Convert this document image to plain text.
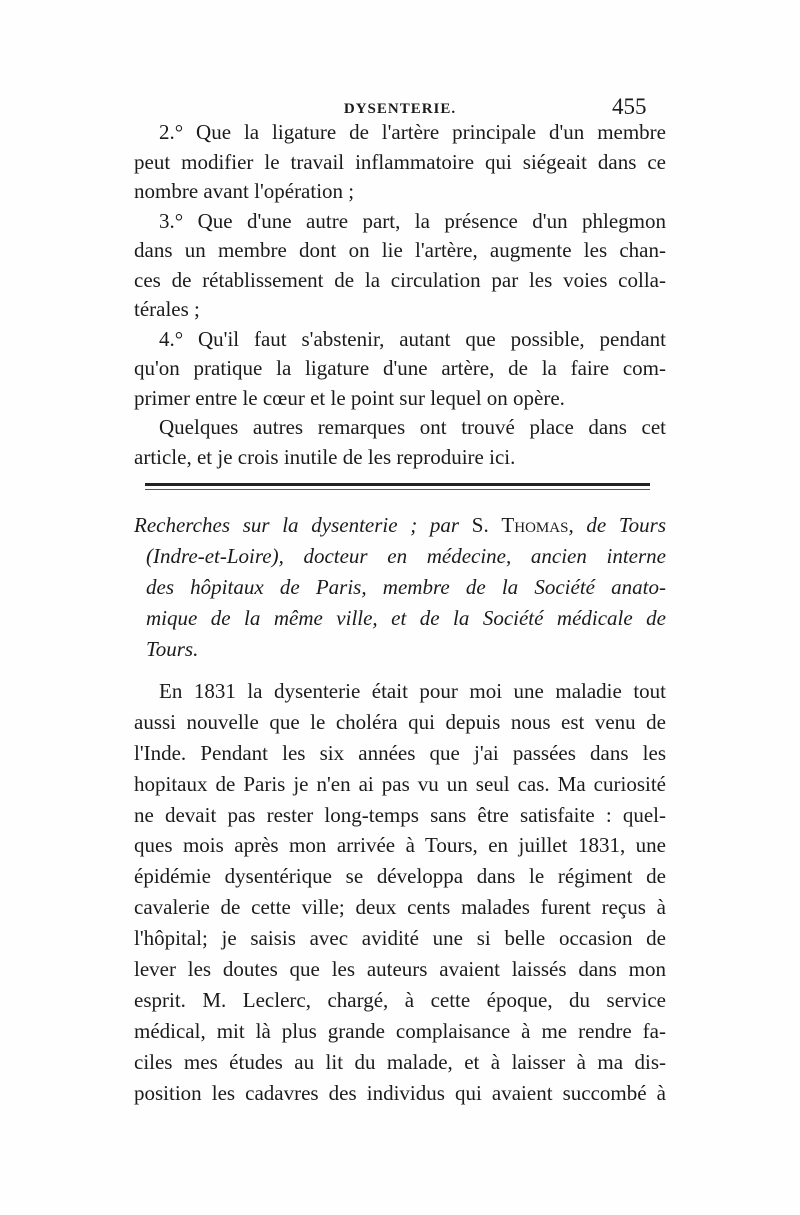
DYSENTERIE.	455
2.° Que la ligature de l'artère principale d'un membre
peut modifier le travail inflammatoire qui siégeait dans ce
nombre avant l'opération ;
3.° Que d'une autre part, la présence d'un phlegmon
dans un membre dont on lie l'artère, augmente les chan-
ces de rétablissement de la circulation par les voies colla-
térales ;
4.° Qu'il faut s'abstenir, autant que possible, pendant
qu'on pratique la ligature d'une artère, de la faire com-
primer entre le cœur et le point sur lequel on opère.
Quelques autres remarques ont trouvé place dans cet
article, et je crois inutile de les reproduire ici.
Recherches sur la dysenterie ; par S. Thomas, de Tours
(Indre-et-Loire), docteur en médecine, ancien interne
des hôpitaux de Paris, membre de la Société anato-
mique de la même ville, et de la Société médicale de
Tours.
En 1831 la dysenterie était pour moi une maladie tout
aussi nouvelle que le choléra qui depuis nous est venu de
l'Inde. Pendant les six années que j'ai passées dans les
hopitaux de Paris je n'en ai pas vu un seul cas. Ma curiosité
ne devait pas rester long-temps sans être satisfaite : quel-
ques mois après mon arrivée à Tours, en juillet 1831, une
épidémie dysentérique se développa dans le régiment de
cavalerie de cette ville; deux cents malades furent reçus à
l'hôpital; je saisis avec avidité une si belle occasion de
lever les doutes que les auteurs avaient laissés dans mon
esprit. M. Leclerc, chargé, à cette époque, du service
médical, mit là plus grande complaisance à me rendre fa-
ciles mes études au lit du malade, et à laisser à ma dis-
position les cadavres des individus qui avaient succombé à
